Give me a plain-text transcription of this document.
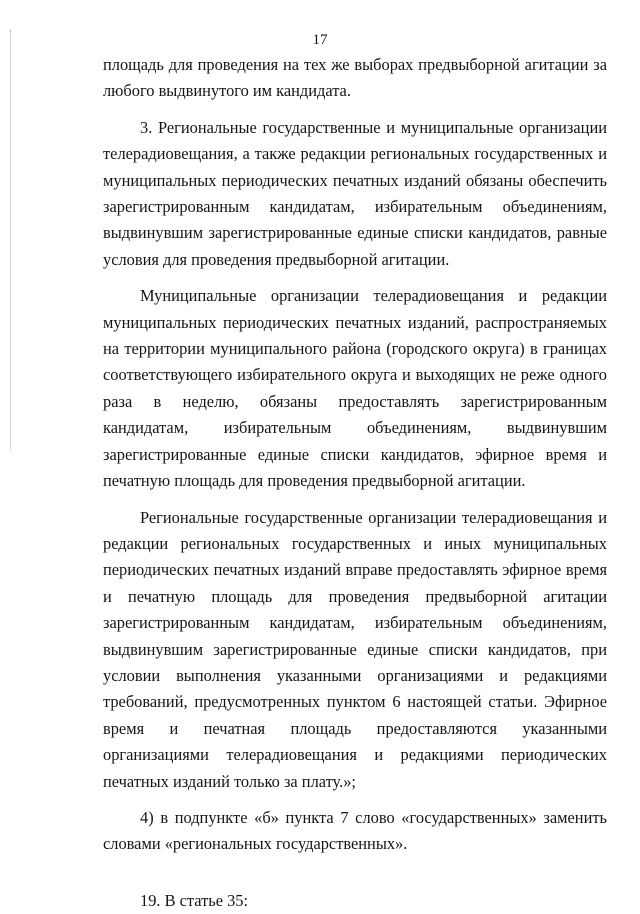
17

площадь для проведения на тех же выборах предвыборной агитации за любого выдвинутого им кандидата.

3. Региональные государственные и муниципальные организации телерадиовещания, а также редакции региональных государственных и муниципальных периодических печатных изданий обязаны обеспечить зарегистрированным кандидатам, избирательным объединениям, выдвинувшим зарегистрированные единые списки кандидатов, равные условия для проведения предвыборной агитации.

Муниципальные организации телерадиовещания и редакции муниципальных периодических печатных изданий, распространяемых на территории муниципального района (городского округа) в границах соответствующего избирательного округа и выходящих не реже одного раза в неделю, обязаны предоставлять зарегистрированным кандидатам, избирательным объединениям, выдвинувшим зарегистрированные единые списки кандидатов, эфирное время и печатную площадь для проведения предвыборной агитации.

Региональные государственные организации телерадиовещания и редакции региональных государственных и иных муниципальных периодических печатных изданий вправе предоставлять эфирное время и печатную площадь для проведения предвыборной агитации зарегистрированным кандидатам, избирательным объединениям, выдвинувшим зарегистрированные единые списки кандидатов, при условии выполнения указанными организациями и редакциями требований, предусмотренных пунктом 6 настоящей статьи. Эфирное время и печатная площадь предоставляются указанными организациями телерадиовещания и редакциями периодических печатных изданий только за плату.»;

4) в подпункте «б» пункта 7 слово «государственных» заменить словами «региональных государственных».

19. В статье 35:
